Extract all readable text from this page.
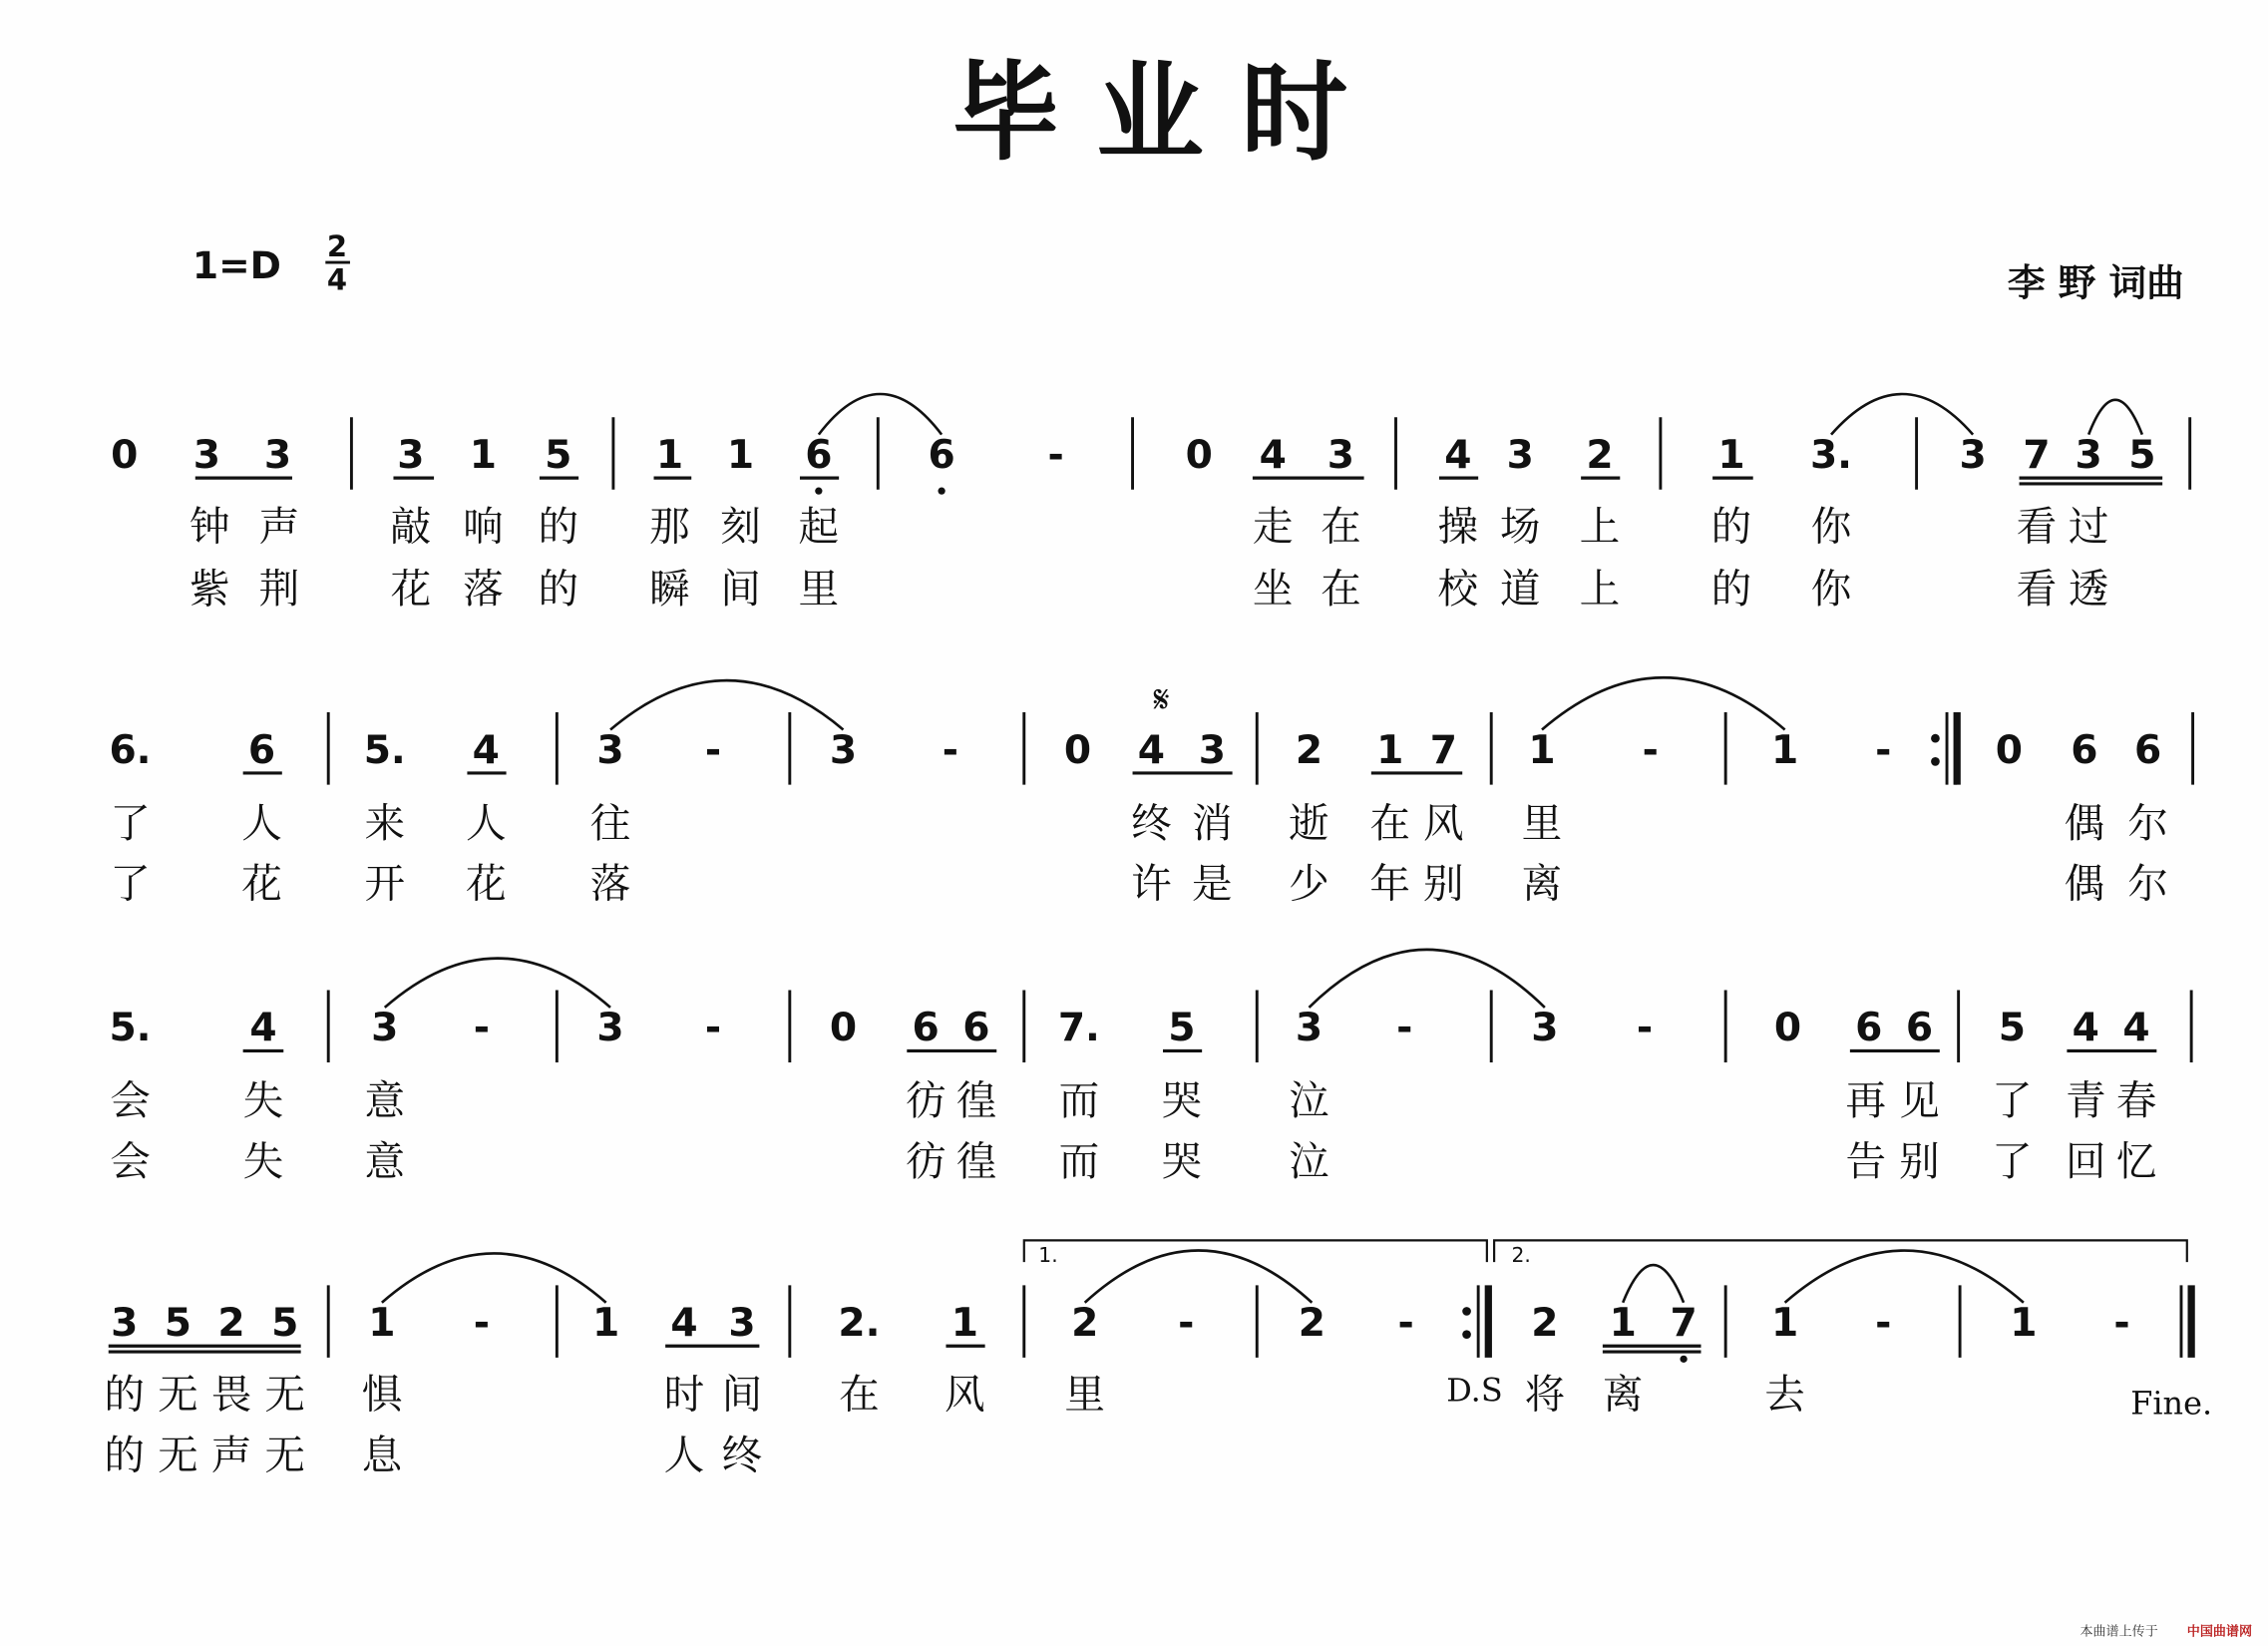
毕 业 时
1=D 2
4	李 野 词曲
1.	2.
𝄋
D.S	Fine.
本曲谱上传于	中国曲谱网
0 3 3	3 1 5	1 1 6	6	-	0 4 3	4 3 2	1 3.	3 7 3 5
钟 声	敲 响 的	那 刻 起	走 在	操 场 上	的 你	看 过
紫 荆	花 落 的	瞬 间 里	坐 在	校 道 上	的 你	看 透
6.	6	5. 4	3	-	3	-	0 4 3	2 1 7	1	-	1	-	0 6 6
了	人	来 人	往	终 消 逝 在 风 里	偶 尔
了	花	开 花	落	许 是 少 年 别 离	偶 尔
5.	4	3	-	3	-	0 6 6	7.	5	3	-	3	-	0 6 6 5 4 4
会	失	意	彷 徨 而 哭	泣	再 见 了 青 春
会	失	意	彷 徨 而 哭	泣	告 别 了 回 忆
3 5 2 5	1	-	1 4 3	2.	1	2	-	2	-	2 1 7	1	-	1	-
的 无 畏 无 惧	时 间	在 风	里	将 离	去
的 无 声 无 息	人 终
